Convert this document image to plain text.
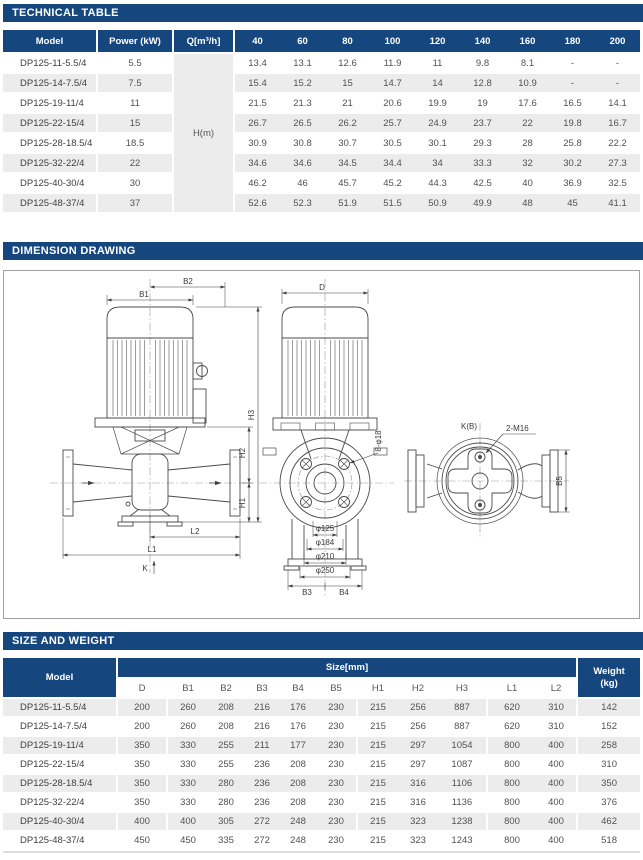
TECHNICAL TABLE
Model	Power (kW)	Q[m³/h]	40	60	80	100	120	140	160	180	200
DP125-11-5.5/4	5.5	H(m)	13.4	13.1	12.6	11.9	11	9.8	8.1	-	-
DP125-14-7.5/4	7.5		15.4	15.2	15	14.7	14	12.8	10.9	-	-
DP125-19-11/4	11		21.5	21.3	21	20.6	19.9	19	17.6	16.5	14.1
DP125-22-15/4	15		26.7	26.5	26.2	25.7	24.9	23.7	22	19.8	16.7
DP125-28-18.5/4	18.5		30.9	30.8	30.7	30.5	30.1	29.3	28	25.8	22.2
DP125-32-22/4	22		34.6	34.6	34.5	34.4	34	33.3	32	30.2	27.3
DP125-40-30/4	30		46.2	46	45.7	45.2	44.3	42.5	40	36.9	32.5
DP125-48-37/4	37		52.6	52.3	51.9	51.5	50.9	49.9	48	45	41.1
DIMENSION DRAWING
B1
B2
H3
H2
H1
L2
L1
K
D
8-φ18
φ125
φ184
φ210
φ250
B3	B4
K(B)	2-M16
B5
SIZE AND WEIGHT
Model	Size[mm]											Weight
(kg)
	D	B1	B2	B3	B4	B5	H1	H2	H3	L1	L2	
DP125-11-5.5/4	200	260	208	216	176	230	215	256	887	620	310	142
DP125-14-7.5/4	200	260	208	216	176	230	215	256	887	620	310	152
DP125-19-11/4	350	330	255	211	177	230	215	297	1054	800	400	258
DP125-22-15/4	350	330	255	236	208	230	215	297	1087	800	400	310
DP125-28-18.5/4	350	330	280	236	208	230	215	316	1106	800	400	350
DP125-32-22/4	350	330	280	236	208	230	215	316	1136	800	400	376
DP125-40-30/4	400	400	305	272	248	230	215	323	1238	800	400	462
DP125-48-37/4	450	450	335	272	248	230	215	323	1243	800	400	518
